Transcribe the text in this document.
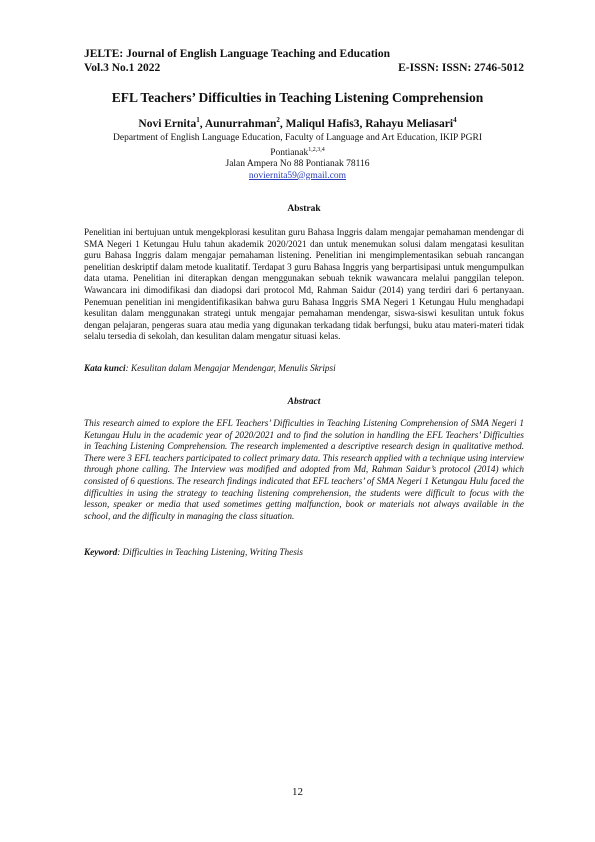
JELTE: Journal of English Language Teaching and Education
Vol.3 No.1 2022	E-ISSN: ISSN: 2746-5012
EFL Teachers’ Difficulties in Teaching Listening Comprehension
Novi Ernita$^1$, Aunurrahman$^2$, Maliqul Hafis3, Rahayu Meliasari$^4$
Department of English Language Education, Faculty of Language and Art Education, IKIP PGRI
Pontianak$^{1,2,3,4}$
Jalan Ampera No 88 Pontianak 78116
noviernita59@gmail.com
Abstrak
Penelitian ini bertujuan untuk mengekplorasi kesulitan guru Bahasa Inggris dalam mengajar pemahaman mendengar di SMA Negeri 1 Ketungau Hulu tahun akademik 2020/2021 dan untuk menemukan solusi dalam mengatasi kesulitan guru Bahasa Inggris dalam mengajar pemahaman listening. Penelitian ini mengimplementasikan sebuah rancangan penelitian deskriptif dalam metode kualitatif. Terdapat 3 guru Bahasa Inggris yang berpartisipasi untuk mengumpulkan data utama. Penelitian ini diterapkan dengan menggunakan sebuah teknik wawancara melalui panggilan telepon. Wawancara ini dimodifikasi dan diadopsi dari protocol Md, Rahman Saidur (2014) yang terdiri dari 6 pertanyaan. Penemuan penelitian ini mengidentifikasikan bahwa guru Bahasa Inggris SMA Negeri 1 Ketungau Hulu menghadapi kesulitan dalam menggunakan strategi untuk mengajar pemahaman mendengar, siswa-siswi kesulitan untuk fokus dengan pelajaran, pengeras suara atau media yang digunakan terkadang tidak berfungsi, buku atau materi-materi tidak selalu tersedia di sekolah, dan kesulitan dalam mengatur situasi kelas.
Kata kunci: Kesulitan dalam Mengajar Mendengar, Menulis Skripsi
Abstract
This research aimed to explore the EFL Teachers’ Difficulties in Teaching Listening Comprehension of SMA Negeri 1 Ketungau Hulu in the academic year of 2020/2021 and to find the solution in handling the EFL Teachers’ Difficulties in Teaching Listening Comprehension. The research implemented a descriptive research design in qualitative method. There were 3 EFL teachers participated to collect primary data. This research applied with a technique using interview through phone calling. The Interview was modified and adopted from Md, Rahman Saidur’s protocol (2014) which consisted of 6 questions. The research findings indicated that EFL teachers’ of SMA Negeri 1 Ketungau Hulu faced the difficulties in using the strategy to teaching listening comprehension, the students were difficult to focus with the lesson, speaker or media that used sometimes getting malfunction, book or materials not always available in the school, and the difficulty in managing the class situation.
Keyword: Difficulties in Teaching Listening, Writing Thesis
12
